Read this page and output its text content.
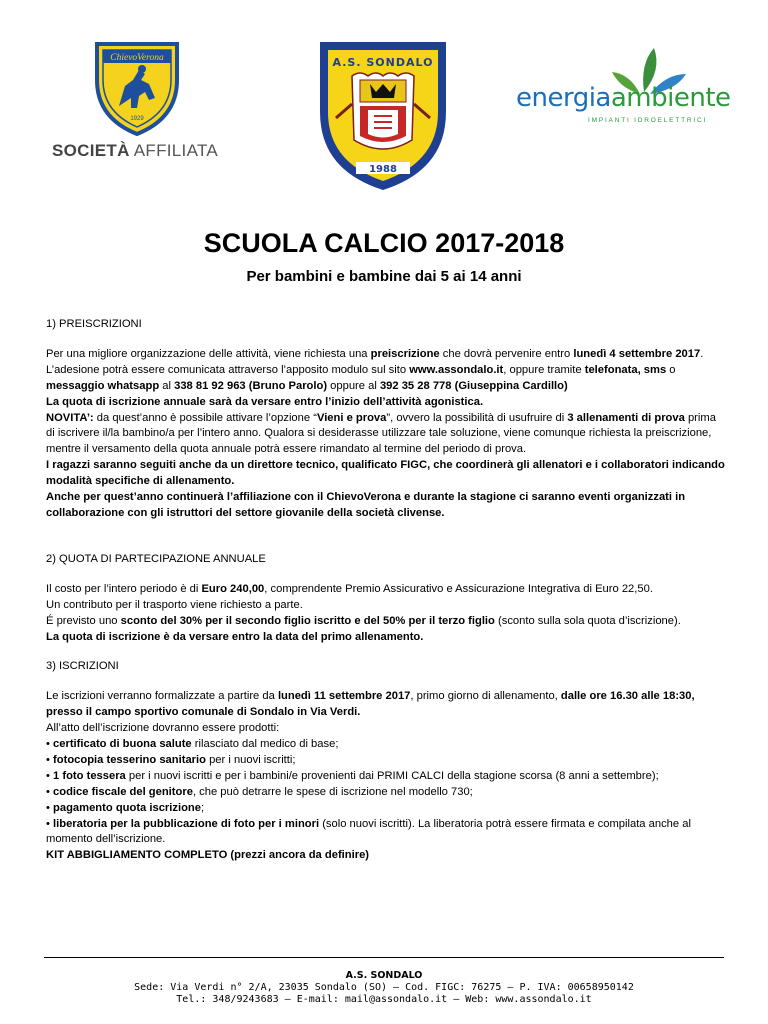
ChievoVerona
1929
SOCIETÀ AFFILIATA
A.S. SONDALO
1988
energiaambiente
IMPIANTI IDROELETTRICI
SCUOLA CALCIO 2017-2018
Per bambini e bambine dai 5 ai 14 anni

1) PREISCRIZIONI

Per una migliore organizzazione delle attività, viene richiesta una preiscrizione che dovrà pervenire entro lunedì 4 settembre 2017.

L’adesione potrà essere comunicata attraverso l’apposito modulo sul sito www.assondalo.it, oppure tramite telefonata, sms o messaggio whatsapp al 338 81 92 963 (Bruno Parolo) oppure al 392 35 28 778 (Giuseppina Cardillo)

La quota di iscrizione annuale sarà da versare entro l’inizio dell’attività agonistica.

NOVITA’: da quest’anno è possibile attivare l’opzione “Vieni e prova”, ovvero la possibilità di usufruire di 3 allenamenti di prova prima di iscrivere il/la bambino/a per l’intero anno. Qualora si desiderasse utilizzare tale soluzione, viene comunque richiesta la preiscrizione, mentre il versamento della quota annuale potrà essere rimandato al termine del periodo di prova.

I ragazzi saranno seguiti anche da un direttore tecnico, qualificato FIGC, che coordinerà gli allenatori e i collaboratori indicando modalità specifiche di allenamento.

Anche per quest’anno continuerà l’affiliazione con il ChievoVerona e durante la stagione ci saranno eventi organizzati in collaborazione con gli istruttori del settore giovanile della società clivense.

2) QUOTA DI PARTECIPAZIONE ANNUALE

Il costo per l’intero periodo è di Euro 240,00, comprendente Premio Assicurativo e Assicurazione Integrativa di Euro 22,50.

Un contributo per il trasporto viene richiesto a parte.

É previsto uno sconto del 30% per il secondo figlio iscritto e del 50% per il terzo figlio (sconto sulla sola quota d’iscrizione).

La quota di iscrizione è da versare entro la data del primo allenamento.

3) ISCRIZIONI

Le iscrizioni verranno formalizzate a partire da lunedì 11 settembre 2017, primo giorno di allenamento, dalle ore 16.30 alle 18:30, presso il campo sportivo comunale di Sondalo in Via Verdi.

All’atto dell’iscrizione dovranno essere prodotti:

• certificato di buona salute rilasciato dal medico di base;

• fotocopia tesserino sanitario per i nuovi iscritti;

• 1 foto tessera per i nuovi iscritti e per i bambini/e provenienti dai PRIMI CALCI della stagione scorsa (8 anni a settembre);

• codice fiscale del genitore, che può detrarre le spese di iscrizione nel modello 730;

• pagamento quota iscrizione;

• liberatoria per la pubblicazione di foto per i minori (solo nuovi iscritti). La liberatoria potrà essere firmata e compilata anche al momento dell’iscrizione.

KIT ABBIGLIAMENTO COMPLETO (prezzi ancora da definire)

A.S. SONDALO
Sede: Via Verdi n° 2/A, 23035 Sondalo (SO) – Cod. FIGC: 76275 – P. IVA: 00658950142
Tel.: 348/9243683 – E-mail: mail@assondalo.it – Web: www.assondalo.it
